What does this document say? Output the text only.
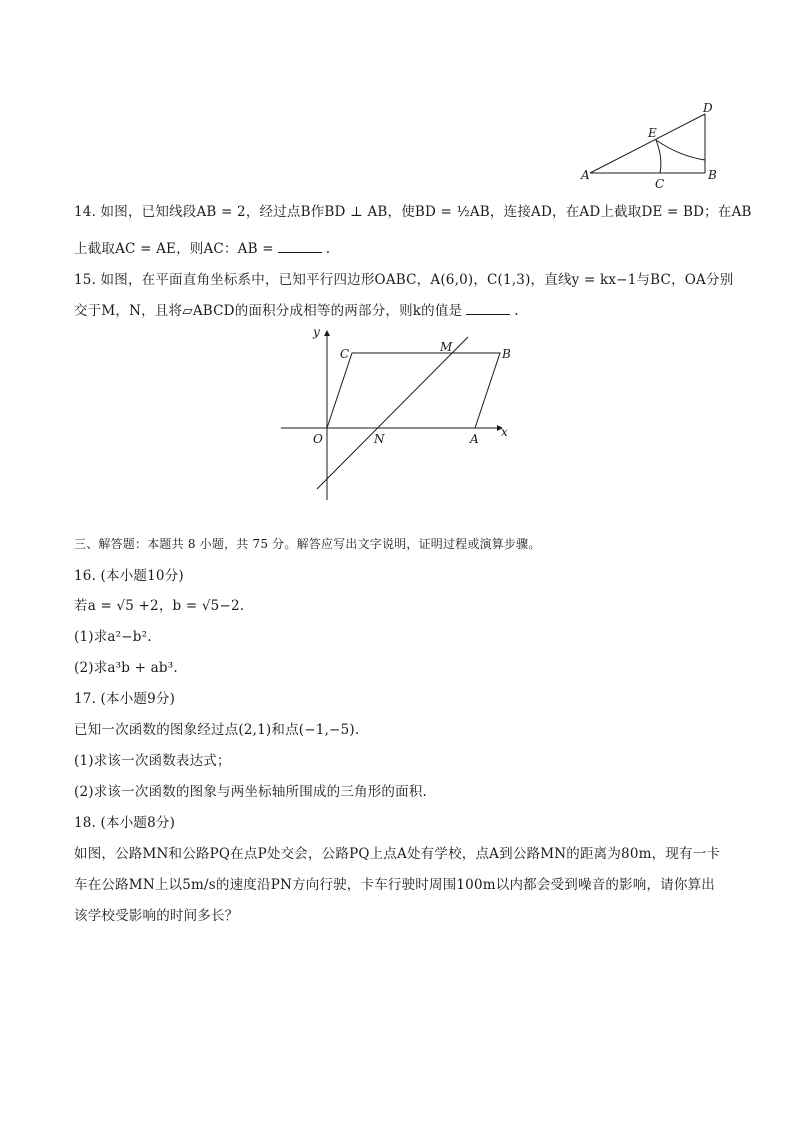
D
E
A
C
B
14. 如图，已知线段AB = 2，经过点B作BD ⊥ AB，使BD = ½AB，连接AD，在AD上截取DE = BD；在AB
上截取AC = AE，则AC：AB =	.
15. 如图，在平面直角坐标系中，已知平行四边形OABC，A(6,0)，C(1,3)，直线y = kx−1与BC，OA分别
交于M，N，且将▱ABCD的面积分成相等的两部分，则k的值是	.
y
C	M	B
O	N	A x
三、解答题：本题共 8 小题，共 75 分。解答应写出文字说明，证明过程或演算步骤。
16. (本小题10分)
若a = √5 +2，b = √5−2.
(1)求a²−b².
(2)求a³b + ab³.
17. (本小题9分)
已知一次函数的图象经过点(2,1)和点(−1,−5).
(1)求该一次函数表达式；
(2)求该一次函数的图象与两坐标轴所围成的三角形的面积.
18. (本小题8分)
如图，公路MN和公路PQ在点P处交会，公路PQ上点A处有学校，点A到公路MN的距离为80m，现有一卡
车在公路MN上以5m/s的速度沿PN方向行驶，卡车行驶时周围100m以内都会受到噪音的影响，请你算出
该学校受影响的时间多长？
